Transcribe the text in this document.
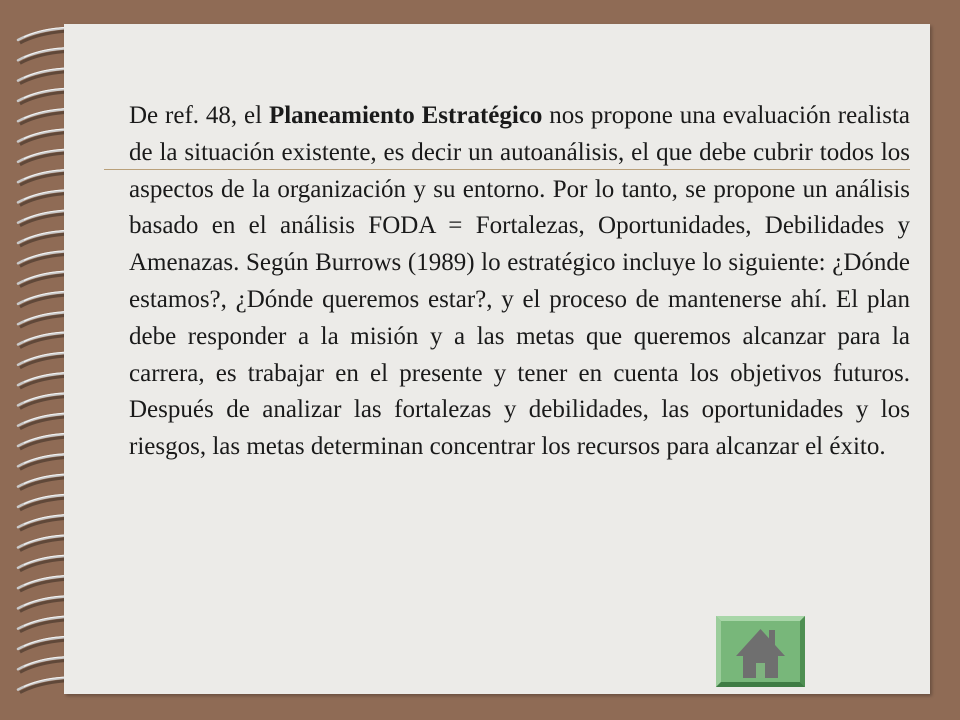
De ref. 48, el Planeamiento Estratégico nos propone una evaluación realista de la situación existente, es decir un autoanálisis, el que debe cubrir todos los aspectos de la organización y su entorno. Por lo tanto, se propone un análisis basado en el análisis FODA = Fortalezas, Oportunidades, Debilidades y Amenazas. Según Burrows (1989) lo estratégico incluye lo siguiente: ¿Dónde estamos?, ¿Dónde queremos estar?, y el proceso de mantenerse ahí. El plan debe responder a la misión y a las metas que queremos alcanzar para la carrera, es trabajar en el presente y tener en cuenta los objetivos futuros. Después de analizar las fortalezas y debilidades, las oportunidades y los riesgos, las metas determinan concentrar los recursos para alcanzar el éxito.
